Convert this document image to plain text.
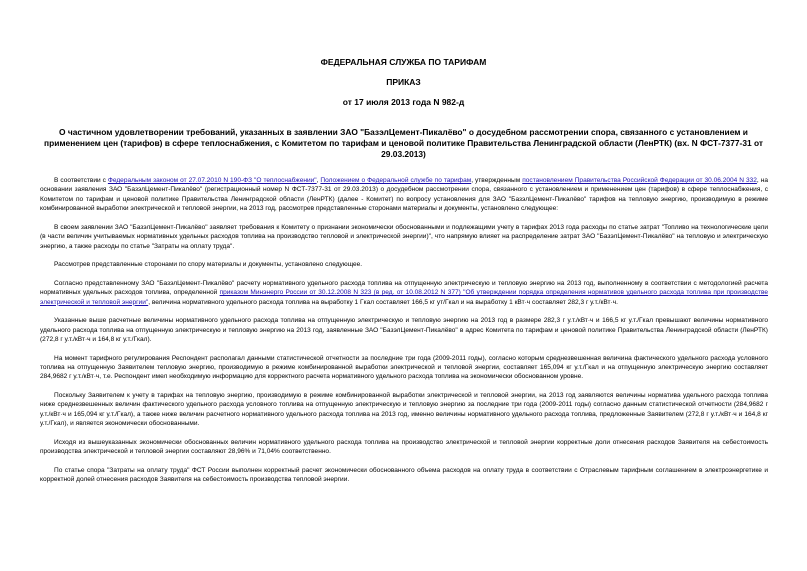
ФЕДЕРАЛЬНАЯ СЛУЖБА ПО ТАРИФАМ
ПРИКАЗ
от 17 июля 2013 года N 982-д
О частичном удовлетворении требований, указанных в заявлении ЗАО "БазэлЦемент-Пикалёво" о досудебном рассмотрении спора, связанного с установлением и применением цен (тарифов) в сфере теплоснабжения, с Комитетом по тарифам и ценовой политике Правительства Ленинградской области (ЛенРТК) (вх. N ФСТ-7377-31 от 29.03.2013)

В соответствии с Федеральным законом от 27.07.2010 N 190-ФЗ "О теплоснабжении", Положением о Федеральной службе по тарифам, утвержденным постановлением Правительства Российской Федерации от 30.06.2004 N 332, на основании заявления ЗАО "БазэлЦемент-Пикалёво" (регистрационный номер N ФСТ-7377-31 от 29.03.2013) о досудебном рассмотрении спора, связанного с установлением и применением цен (тарифов) в сфере теплоснабжения, с Комитетом по тарифам и ценовой политике Правительства Ленинградской области (ЛенРТК) (далее - Комитет) по вопросу установления для ЗАО "БазэлЦемент-Пикалёво" тарифов на тепловую энергию, производимую в режиме комбинированной выработки электрической и тепловой энергии, на 2013 год, рассмотрев представленные сторонами материалы и документы, установлено следующее:

В своем заявлении ЗАО "БазэлЦемент-Пикалёво" заявляет требования к Комитету о признании экономически обоснованными и подлежащими учету в тарифах 2013 года расходы по статье затрат "Топливо на технологические цели (в части величин учитываемых нормативных удельных расходов топлива на производство тепловой и электрической энергии)", что напрямую влияет на распределение затрат ЗАО "БазэлЦемент-Пикалёво" на тепловую и электрическую энергию, а также расходы по статье "Затраты на оплату труда".

Рассмотрев представленные сторонами по спору материалы и документы, установлено следующее.

Согласно представленному ЗАО "БазэлЦемент-Пикалёво" расчету нормативного удельного расхода топлива на отпущенную электрическую и тепловую энергию на 2013 год, выполненному в соответствии с методологией расчета нормативных удельных расходов топлива, определенной приказом Минэнерго России от 30.12.2008 N 323 (в ред. от 10.08.2012 N 377) "Об утверждении порядка определения нормативов удельного расхода топлива при производстве электрической и тепловой энергии", величина нормативного удельного расхода топлива на выработку 1 Гкал составляет 166,5 кг ут/Гкал и на выработку 1 кВт·ч составляет 282,3 г у.т./кВт·ч.

Указанные выше расчетные величины нормативного удельного расхода топлива на отпущенную электрическую и тепловую энергию на 2013 год в размере 282,3 г у.т./кВт·ч и 166,5 кг у.т./Гкал превышают величины нормативного удельного расхода топлива на отпущенную электрическую и тепловую энергию на 2013 год, заявленные ЗАО "БазэлЦемент-Пикалёво" в адрес Комитета по тарифам и ценовой политике Правительства Ленинградской области (ЛенРТК) (272,8 г у.т./кВт·ч и 164,8 кг у.т./Гкал).

На момент тарифного регулирования Респондент располагал данными статистической отчетности за последние три года (2009-2011 годы), согласно которым среднезвешенная величина фактического удельного расхода условного топлива на отпущенную Заявителем тепловую энергию, производимую в режиме комбинированной выработки электрической и тепловой энергии, составляет 165,094 кг у.т./Гкал и на отпущенную электрическую энергию составляет 284,9682 г у.т./кВт·ч, т.е. Респондент имел необходимую информацию для корректного расчета нормативного удельного расхода топлива на экономически обоснованном уровне.

Поскольку Заявителем к учету в тарифах на тепловую энергию, производимую в режиме комбинированной выработки электрической и тепловой энергии, на 2013 год заявляются величины норматива удельного расхода топлива ниже среднезвешенных величин фактического удельного расхода условного топлива на отпущенную электрическую и тепловую энергию за последние три года (2009-2011 годы) согласно данным статистической отчетности (284,9682 г у.т./кВт·ч и 165,094 кг у.т./Гкал), а также ниже величин расчетного нормативного удельного расхода топлива на 2013 год, именно величины нормативного удельного расхода топлива, предложенные Заявителем (272,8 г у.т./кВт·ч и 164,8 кг у.т./Гкал), и является экономически обоснованными.

Исходя из вышеуказанных экономически обоснованных величин нормативного удельного расхода топлива на производство электрической и тепловой энергии корректные доли отнесения расходов Заявителя на себестоимость производства электрической и тепловой энергии составляют 28,96% и 71,04% соответственно.

По статье спора "Затраты на оплату труда" ФСТ России выполнен корректный расчет экономически обоснованного объема расходов на оплату труда в соответствии с Отраслевым тарифным соглашением в электроэнергетике и корректной долей отнесения расходов Заявителя на себестоимость производства тепловой энергии.
